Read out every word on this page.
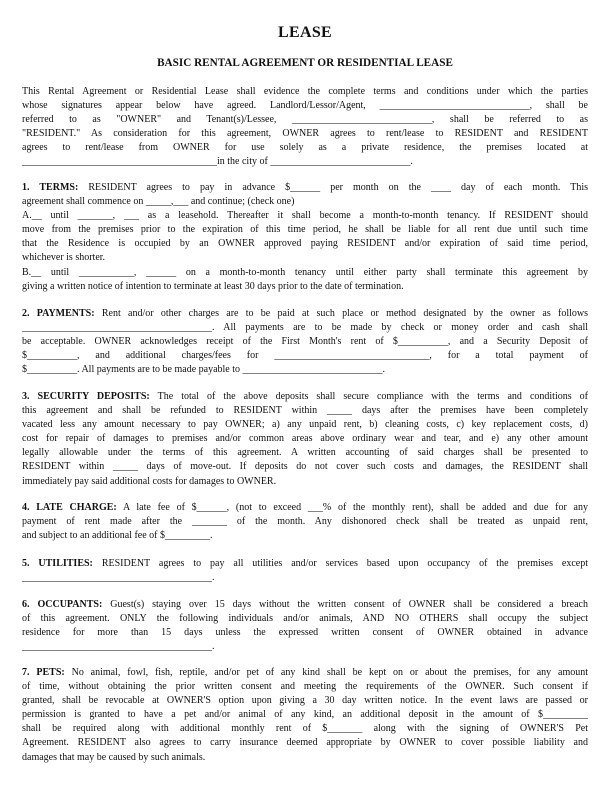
LEASE
BASIC RENTAL AGREEMENT OR RESIDENTIAL LEASE
This Rental Agreement or Residential Lease shall evidence the complete terms and conditions under which the parties
whose signatures appear below have agreed. Landlord/Lessor/Agent, ______________________________, shall be
referred to as "OWNER" and Tenant(s)/Lessee, ____________________________, shall be referred to as
"RESIDENT." As consideration for this agreement, OWNER agrees to rent/lease to RESIDENT and RESIDENT
agrees to rent/lease from OWNER for use solely as a private residence, the premises located at
_______________________________________in the city of ____________________________.
1. TERMS: RESIDENT agrees to pay in advance $______ per month on the ____ day of each month. This
agreement shall commence on _____,___ and continue; (check one)
A.__ until _______, ___ as a leasehold. Thereafter it shall become a month-to-month tenancy. If RESIDENT should
move from the premises prior to the expiration of this time period, he shall be liable for all rent due until such time
that the Residence is occupied by an OWNER approved paying RESIDENT and/or expiration of said time period,
whichever is shorter.
B.__ until ___________, ______ on a month-to-month tenancy until either party shall terminate this agreement by
giving a written notice of intention to terminate at least 30 days prior to the date of termination.
2. PAYMENTS: Rent and/or other charges are to be paid at such place or method designated by the owner as follows
______________________________________. All payments are to be made by check or money order and cash shall
be acceptable. OWNER acknowledges receipt of the First Month's rent of $__________, and a Security Deposit of
$__________, and additional charges/fees for _______________________________, for a total payment of
$__________. All payments are to be made payable to ____________________________.
3. SECURITY DEPOSITS: The total of the above deposits shall secure compliance with the terms and conditions of
this agreement and shall be refunded to RESIDENT within _____ days after the premises have been completely
vacated less any amount necessary to pay OWNER; a) any unpaid rent, b) cleaning costs, c) key replacement costs, d)
cost for repair of damages to premises and/or common areas above ordinary wear and tear, and e) any other amount
legally allowable under the terms of this agreement. A written accounting of said charges shall be presented to
RESIDENT within _____ days of move-out. If deposits do not cover such costs and damages, the RESIDENT shall
immediately pay said additional costs for damages to OWNER.
4. LATE CHARGE: A late fee of $______, (not to exceed ___% of the monthly rent), shall be added and due for any
payment of rent made after the _______ of the month. Any dishonored check shall be treated as unpaid rent,
and subject to an additional fee of $_________.
5. UTILITIES: RESIDENT agrees to pay all utilities and/or services based upon occupancy of the premises except
______________________________________.
6. OCCUPANTS: Guest(s) staying over 15 days without the written consent of OWNER shall be considered a breach
of this agreement. ONLY the following individuals and/or animals, AND NO OTHERS shall occupy the subject
residence for more than 15 days unless the expressed written consent of OWNER obtained in advance
______________________________________.
7. PETS: No animal, fowl, fish, reptile, and/or pet of any kind shall be kept on or about the premises, for any amount
of time, without obtaining the prior written consent and meeting the requirements of the OWNER. Such consent if
granted, shall be revocable at OWNER'S option upon giving a 30 day written notice. In the event laws are passed or
permission is granted to have a pet and/or animal of any kind, an additional deposit in the amount of $_________
shall be required along with additional monthly rent of $_______ along with the signing of OWNER'S Pet
Agreement. RESIDENT also agrees to carry insurance deemed appropriate by OWNER to cover possible liability and
damages that may be caused by such animals.
